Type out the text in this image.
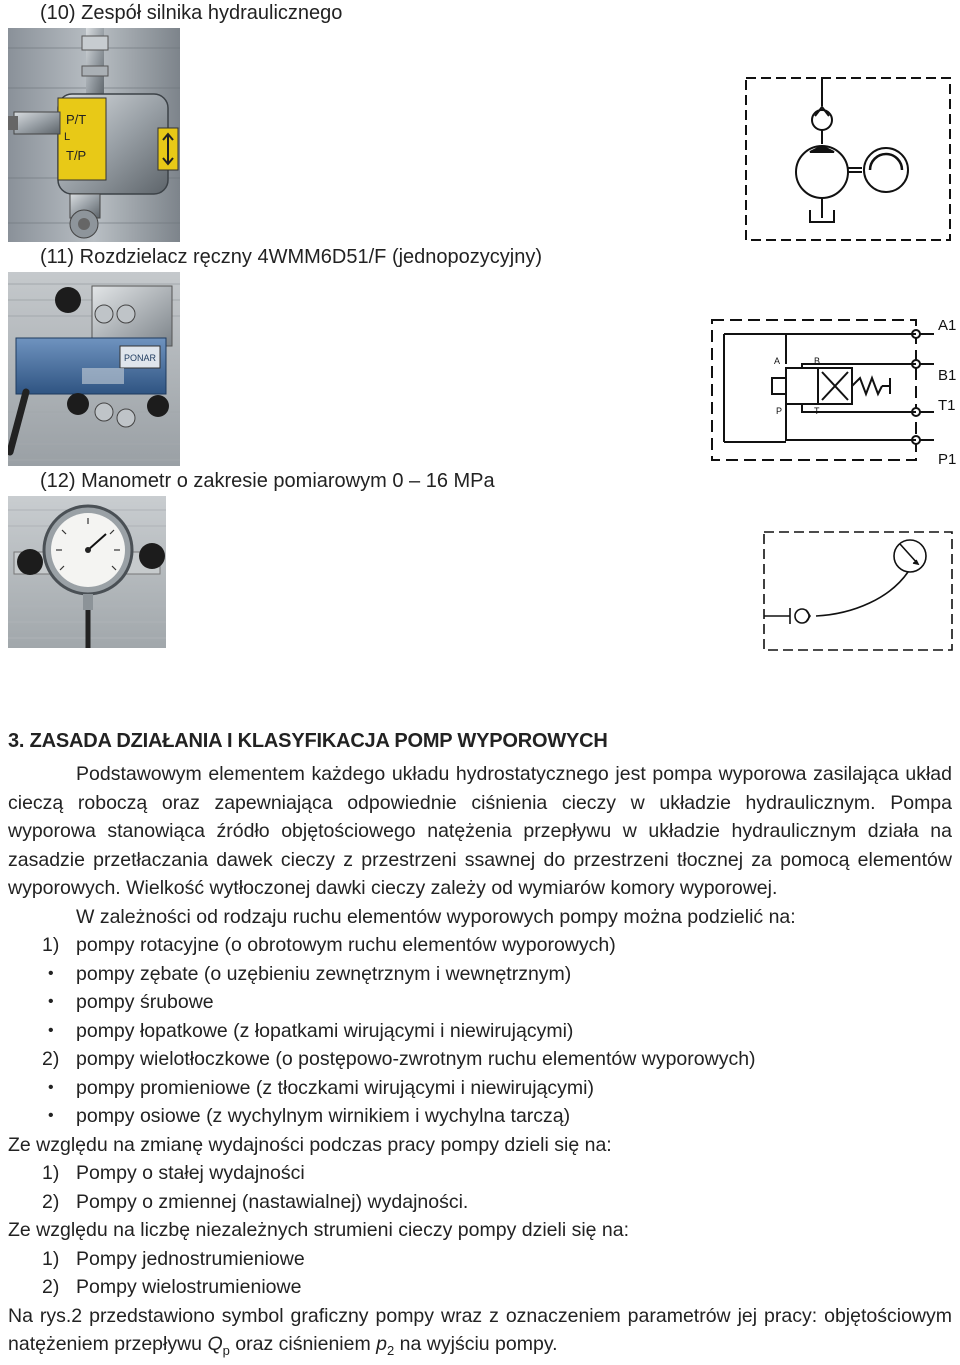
(10) Zespół silnika hydraulicznego
(11) Rozdzielacz ręczny 4WMM6D51/F (jednopozycyjny)
(12) Manometr o zakresie pomiarowym 0 – 16 MPa
P/T
L
T/P
PONAR	A	B
P	T
A1
B1
T1
P1
3. ZASADA DZIAŁANIA I KLASYFIKACJA POMP WYPOROWYCH

Podstawowym elementem każdego układu hydrostatycznego jest pompa wyporowa zasilająca układ cieczą roboczą oraz zapewniająca odpowiednie ciśnienia cieczy w układzie hydraulicznym. Pompa wyporowa stanowiąca źródło objętościowego natężenia przepływu w układzie hydraulicznym działa na zasadzie przetłaczania dawek cieczy z przestrzeni ssawnej do przestrzeni tłocznej za pomocą elementów wyporowych. Wielkość wytłoczonej dawki cieczy zależy od wymiarów komory wyporowej.

W zależności od rodzaju ruchu elementów wyporowych pompy można podzielić na:

1) pompy rotacyjne (o obrotowym ruchu elementów wyporowych)
• pompy zębate (o uzębieniu zewnętrznym i wewnętrznym)
• pompy śrubowe
• pompy łopatkowe (z łopatkami wirującymi i niewirującymi)
2) pompy wielotłoczkowe (o postępowo-zwrotnym ruchu elementów wyporowych)
• pompy promieniowe (z tłoczkami wirującymi i niewirującymi)
• pompy osiowe (z wychylnym wirnikiem i wychylna tarczą)

Ze względu na zmianę wydajności podczas pracy pompy dzieli się na:

1) Pompy o stałej wydajności
2) Pompy o zmiennej (nastawialnej) wydajności.

Ze względu na liczbę niezależnych strumieni cieczy pompy dzieli się na:

1) Pompy jednostrumieniowe
2) Pompy wielostrumieniowe

Na rys.2 przedstawiono symbol graficzny pompy wraz z oznaczeniem parametrów jej pracy: objętościowym natężeniem przepływu $Q_p$ oraz ciśnieniem $p_2$ na wyjściu pompy.
